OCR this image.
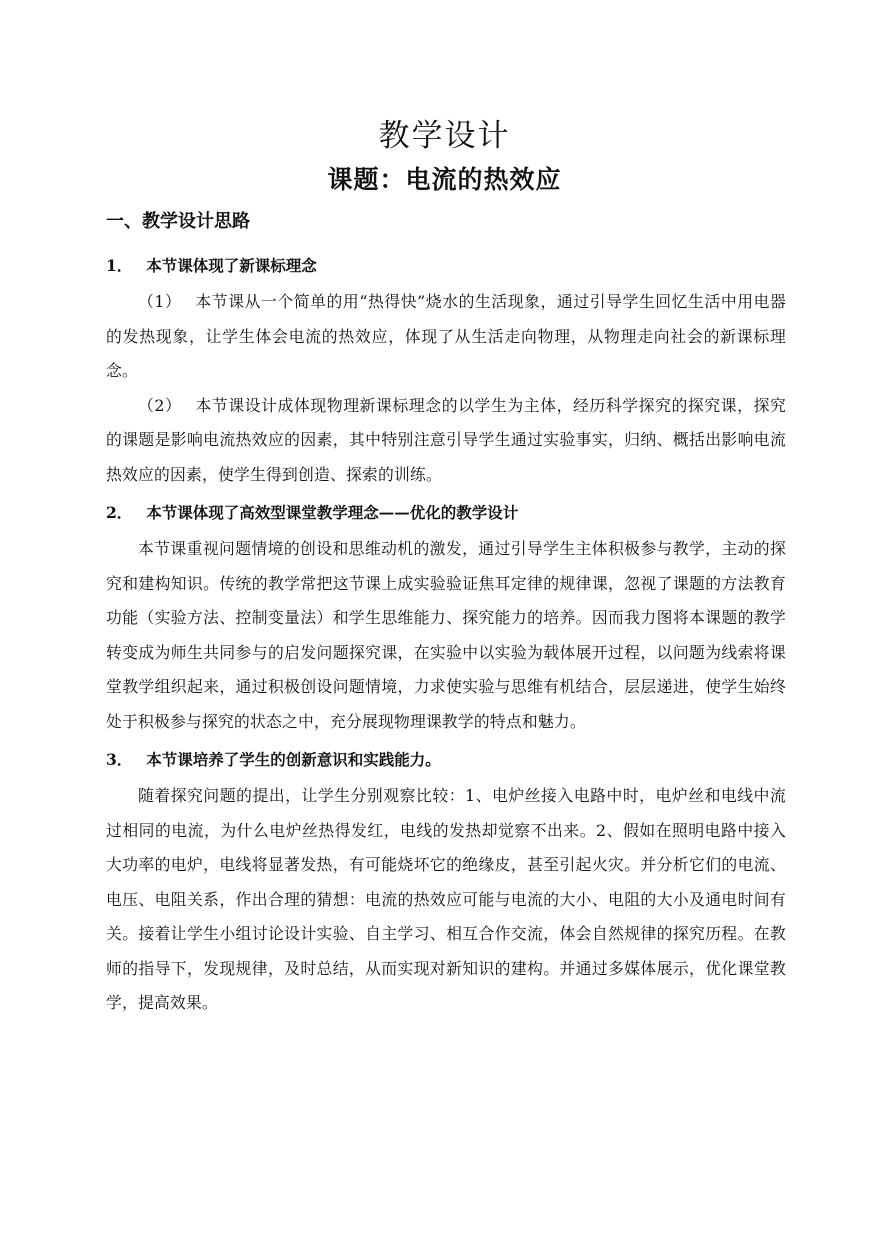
教学设计
课题：电流的热效应
一、教学设计思路
1． 本节课体现了新课标理念

（1） 本节课从一个简单的用“热得快”烧水的生活现象，通过引导学生回忆生活中用电器的发热现象，让学生体会电流的热效应，体现了从生活走向物理，从物理走向社会的新课标理念。

（2） 本节课设计成体现物理新课标理念的以学生为主体，经历科学探究的探究课，探究的课题是影响电流热效应的因素，其中特别注意引导学生通过实验事实，归纳、概括出影响电流热效应的因素，使学生得到创造、探索的训练。

2． 本节课体现了高效型课堂教学理念——优化的教学设计

本节课重视问题情境的创设和思维动机的激发，通过引导学生主体积极参与教学，主动的探究和建构知识。传统的教学常把这节课上成实验验证焦耳定律的规律课，忽视了课题的方法教育功能（实验方法、控制变量法）和学生思维能力、探究能力的培养。因而我力图将本课题的教学转变成为师生共同参与的启发问题探究课，在实验中以实验为载体展开过程，以问题为线索将课堂教学组织起来，通过积极创设问题情境，力求使实验与思维有机结合，层层递进，使学生始终处于积极参与探究的状态之中，充分展现物理课教学的特点和魅力。

3． 本节课培养了学生的创新意识和实践能力。

随着探究问题的提出，让学生分别观察比较：1、电炉丝接入电路中时，电炉丝和电线中流过相同的电流，为什么电炉丝热得发红，电线的发热却觉察不出来。2、假如在照明电路中接入大功率的电炉，电线将显著发热，有可能烧坏它的绝缘皮，甚至引起火灾。并分析它们的电流、电压、电阻关系，作出合理的猜想：电流的热效应可能与电流的大小、电阻的大小及通电时间有关。接着让学生小组讨论设计实验、自主学习、相互合作交流，体会自然规律的探究历程。在教师的指导下，发现规律，及时总结，从而实现对新知识的建构。并通过多媒体展示，优化课堂教学，提高效果。
